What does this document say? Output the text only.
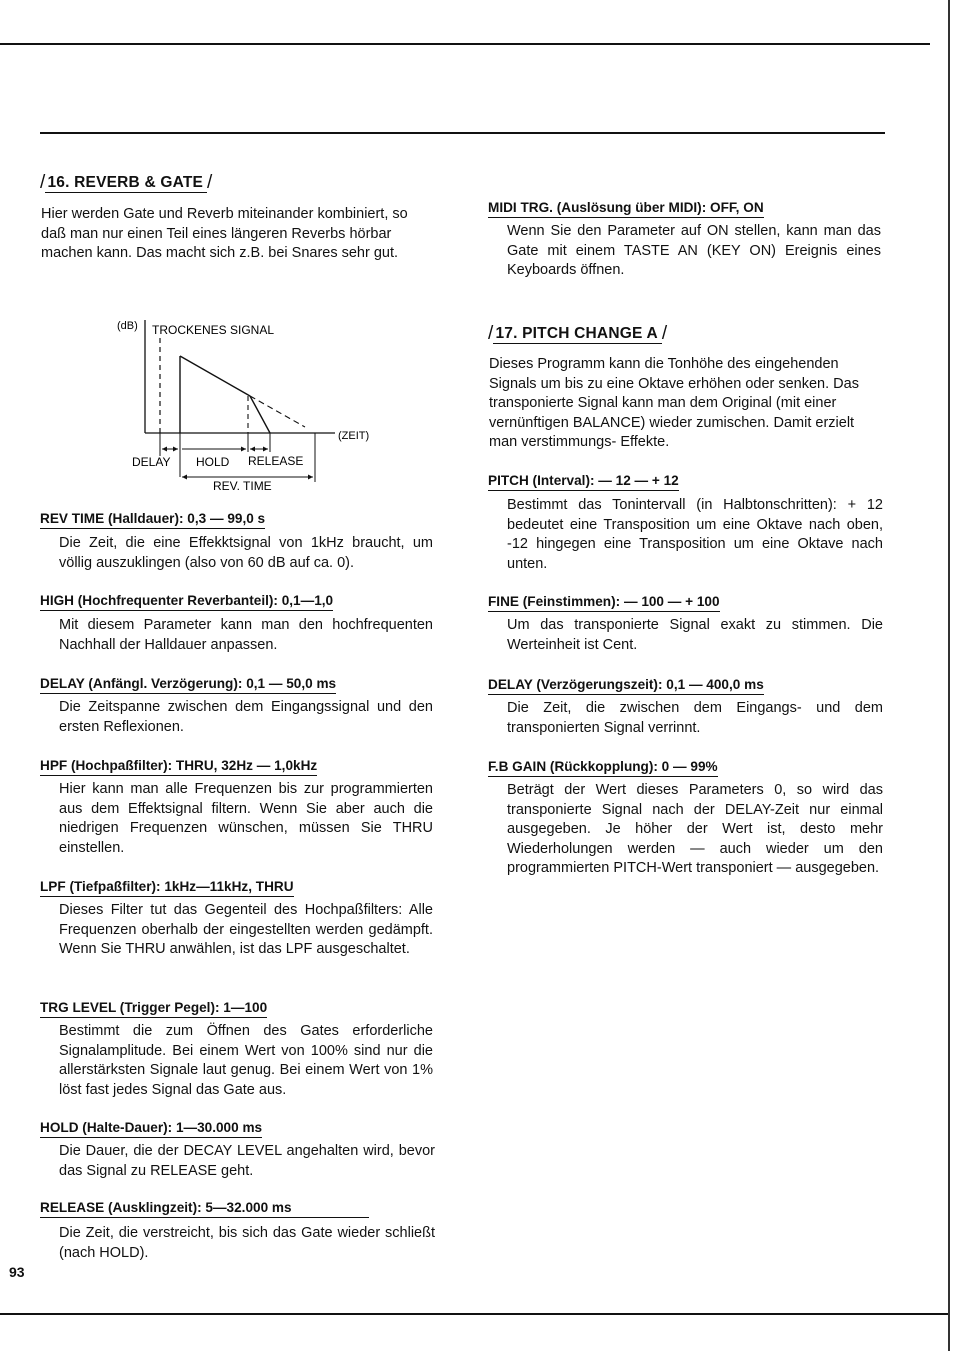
/ 16. REVERB & GATE /

Hier werden Gate und Reverb miteinander kombiniert, so daß man nur einen Teil eines längeren Reverbs hörbar machen kann. Das macht sich z.B. bei Snares sehr gut.

(dB) TROCKENES SIGNAL
(ZEIT)
DELAY HOLD RELEASE
REV. TIME
REV TIME (Halldauer): 0,3 — 99,0 s

Die Zeit, die eine Effekktsignal von 1kHz braucht, um völlig auszuklingen (also von 60 dB auf ca. 0).

HIGH (Hochfrequenter Reverbanteil): 0,1—1,0

Mit diesem Parameter kann man den hochfrequenten Nachhall der Halldauer anpassen.

DELAY (Anfängl. Verzögerung): 0,1 — 50,0 ms

Die Zeitspanne zwischen dem Eingangssignal und den ersten Reflexionen.

HPF (Hochpaßfilter): THRU, 32Hz — 1,0kHz

Hier kann man alle Frequenzen bis zur programmierten aus dem Effektsignal filtern. Wenn Sie aber auch die niedrigen Frequenzen wünschen, müssen Sie THRU einstellen.

LPF (Tiefpaßfilter): 1kHz—11kHz, THRU

Dieses Filter tut das Gegenteil des Hochpaßfilters: Alle Frequenzen oberhalb der eingestellten werden gedämpft. Wenn Sie THRU anwählen, ist das LPF ausgeschaltet.

TRG LEVEL (Trigger Pegel): 1—100

Bestimmt die zum Öffnen des Gates erforderliche Signalamplitude. Bei einem Wert von 100% sind nur die allerstärksten Signale laut genug. Bei einem Wert von 1% löst fast jedes Signal das Gate aus.

HOLD (Halte-Dauer): 1—30.000 ms

Die Dauer, die der DECAY LEVEL angehalten wird, bevor das Signal zu RELEASE geht.

RELEASE (Ausklingzeit): 5—32.000 ms

Die Zeit, die verstreicht, bis sich das Gate wieder schließt (nach HOLD).

93
MIDI TRG. (Auslösung über MIDI): OFF, ON

Wenn Sie den Parameter auf ON stellen, kann man das Gate mit einem TASTE AN (KEY ON) Ereignis eines Keyboards öffnen.

/ 17. PITCH CHANGE A /

Dieses Programm kann die Tonhöhe des eingehenden Signals um bis zu eine Oktave erhöhen oder senken. Das transponierte Signal kann man dem Original (mit einer vernünftigen BALANCE) wieder zumischen. Damit erzielt man verstimmungs- Effekte.

PITCH (Interval): — 12 — + 12

Bestimmt das Tonintervall (in Halbtonschritten): + 12 bedeutet eine Transposition um eine Oktave nach oben, -12 hingegen eine Transposition um eine Oktave nach unten.

FINE (Feinstimmen): — 100 — + 100

Um das transponierte Signal exakt zu stimmen. Die Werteinheit ist Cent.

DELAY (Verzögerungszeit): 0,1 — 400,0 ms

Die Zeit, die zwischen dem Eingangs- und dem transponierten Signal verrinnt.

F.B GAIN (Rückkopplung): 0 — 99%

Beträgt der Wert dieses Parameters 0, so wird das transponierte Signal nach der DELAY-Zeit nur einmal ausgegeben. Je höher der Wert ist, desto mehr Wiederholungen werden — auch wieder um den programmierten PITCH-Wert transponiert — ausgegeben.
